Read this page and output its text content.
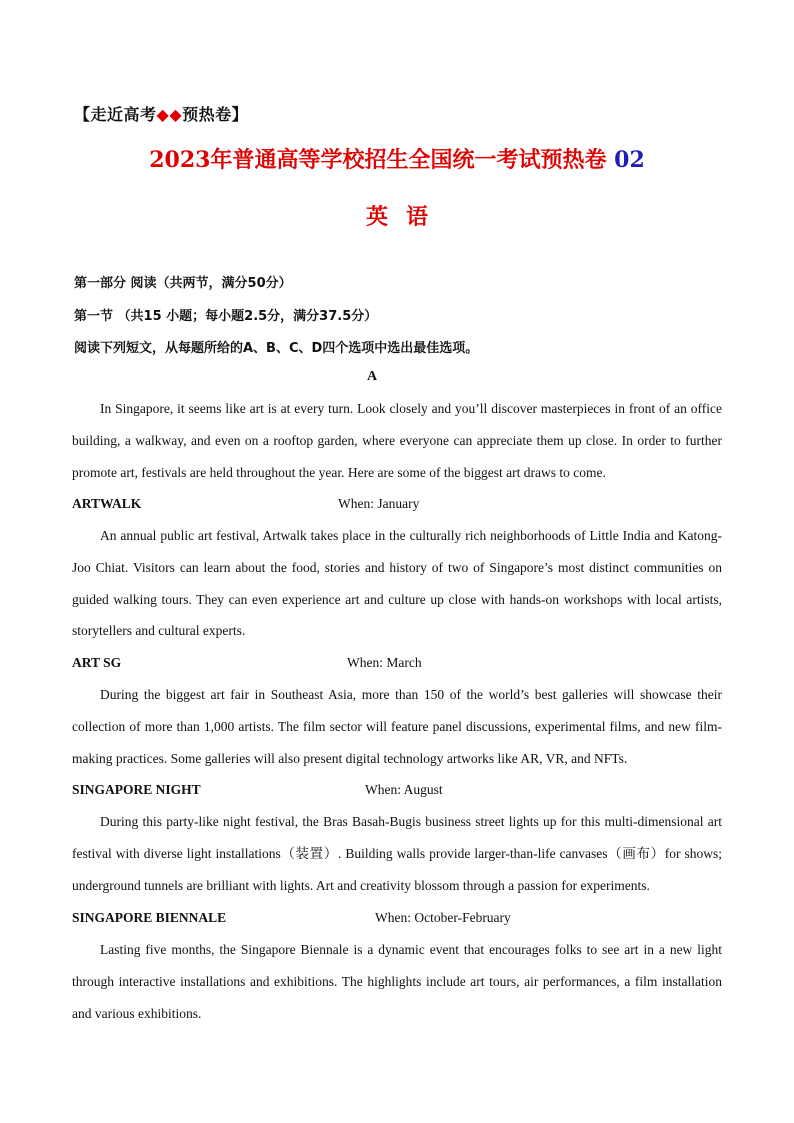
【走近高考◆◆预热卷】
2023年普通高等学校招生全国统一考试预热卷 02
英语
第一部分 阅读（共两节，满分50分）
第一节 （共15 小题；每小题2.5分，满分37.5分）
阅读下列短文，从每题所给的A、B、C、D四个选项中选出最佳选项。
A
In Singapore, it seems like art is at every turn. Look closely and you’ll discover masterpieces in front of an office building, a walkway, and even on a rooftop garden, where everyone can appreciate them up close. In order to further promote art, festivals are held throughout the year. Here are some of the biggest art draws to come.
ARTWALK	When: January
An annual public art festival, Artwalk takes place in the culturally rich neighborhoods of Little India and Katong-Joo Chiat. Visitors can learn about the food, stories and history of two of Singapore’s most distinct communities on guided walking tours. They can even experience art and culture up close with hands-on workshops with local artists, storytellers and cultural experts.
ART SG	When: March
During the biggest art fair in Southeast Asia, more than 150 of the world’s best galleries will showcase their collection of more than 1,000 artists. The film sector will feature panel discussions, experimental films, and new film-making practices. Some galleries will also present digital technology artworks like AR, VR, and NFTs.
SINGAPORE NIGHT	When: August
During this party-like night festival, the Bras Basah-Bugis business street lights up for this multi-dimensional art festival with diverse light installations（装置）. Building walls provide larger-than-life canvases（画布）for shows; underground tunnels are brilliant with lights. Art and creativity blossom through a passion for experiments.
SINGAPORE BIENNALE	When: October-February
Lasting five months, the Singapore Biennale is a dynamic event that encourages folks to see art in a new light through interactive installations and exhibitions. The highlights include art tours, air performances, a film installation and various exhibitions.
